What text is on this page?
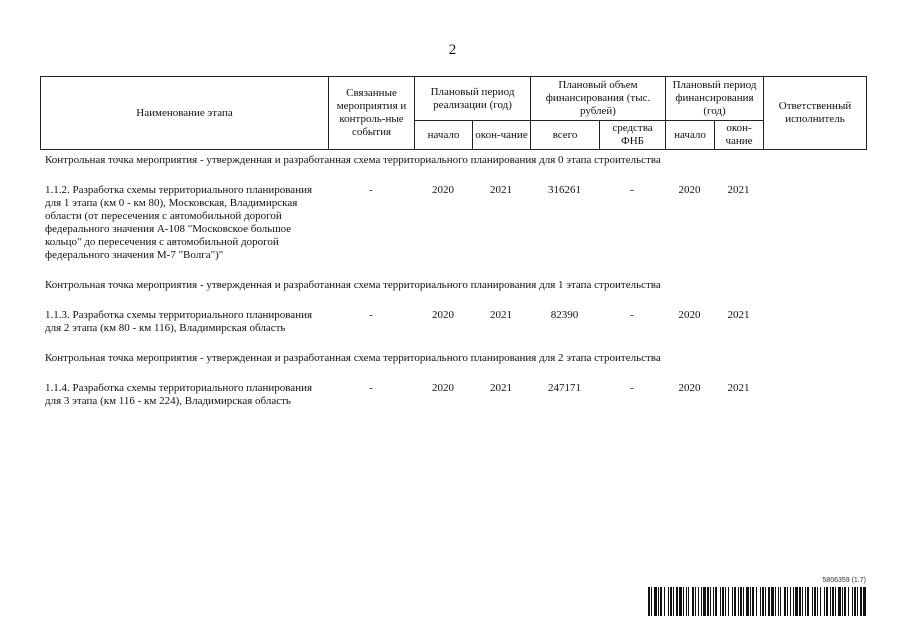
2
Наименование этапа	Связанные мероприятия и контроль-ные события	Плановый период реализации (год)		Плановый объем финансирования (тыс. рублей)		Плановый период финансирования (год)		Ответственный исполнитель
		начало	окон-чание	всего	средства ФНБ	начало	окон-чание	
Контрольная точка мероприятия - утвержденная и разработанная схема территориального планирования для 0 этапа строительства								

1.1.2. Разработка схемы территориального планирования для 1 этапа (км 0 - км 80), Московская, Владимирская области (от пересечения с автомобильной дорогой федерального значения А-108 "Московское большое кольцо" до пересечения с автомобильной дорогой федерального значения М-7 "Волга")"	-	2020	2021	316261	-	2020	2021	

Контрольная точка мероприятия - утвержденная и разработанная схема территориального планирования для 1 этапа строительства								

1.1.3. Разработка схемы территориального планирования для 2 этапа (км 80 - км 116), Владимирская область	-	2020	2021	82390	-	2020	2021	

Контрольная точка мероприятия - утвержденная и разработанная схема территориального планирования для 2 этапа строительства								

1.1.4. Разработка схемы территориального планирования для 3 этапа (км 116 - км 224), Владимирская область	-	2020	2021	247171	-	2020	2021	
5806359 (1.7)
